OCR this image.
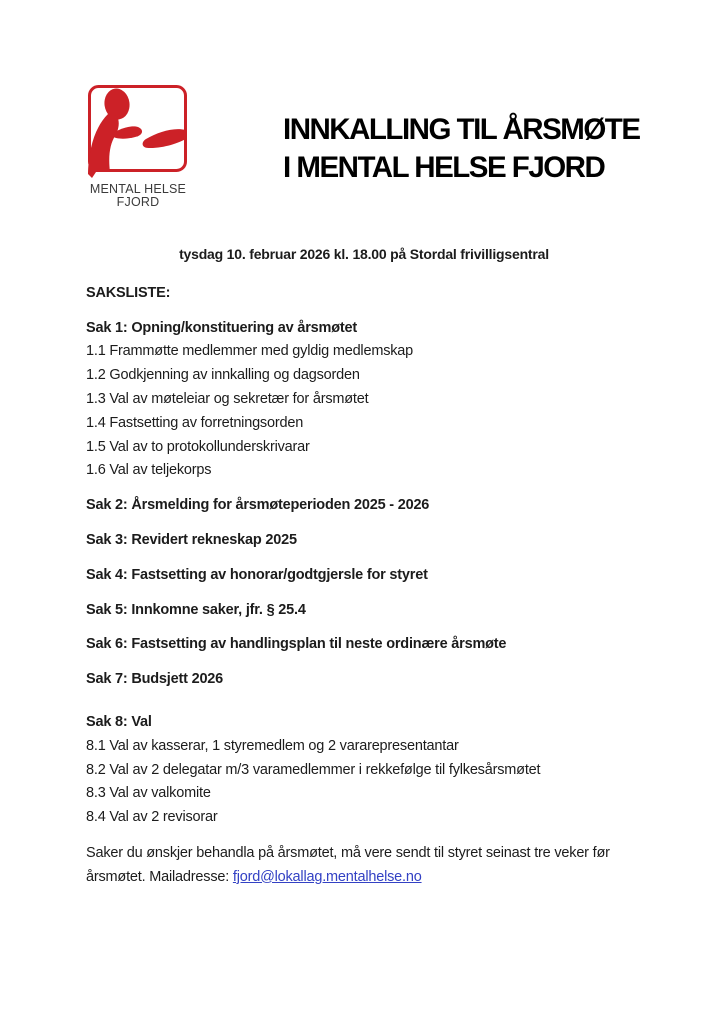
MENTAL HELSE
FJORD
INNKALLING TIL ÅRSMØTE
I MENTAL HELSE FJORD

tysdag 10. februar 2026 kl. 18.00 på Stordal frivilligsentral

SAKSLISTE:

Sak 1: Opning/konstituering av årsmøtet

1.1 Frammøtte medlemmer med gyldig medlemskap

1.2 Godkjenning av innkalling og dagsorden

1.3 Val av møteleiar og sekretær for årsmøtet

1.4 Fastsetting av forretningsorden

1.5 Val av to protokollunderskrivarar

1.6 Val av teljekorps

Sak 2: Årsmelding for årsmøteperioden 2025 - 2026

Sak 3: Revidert rekneskap 2025

Sak 4: Fastsetting av honorar/godtgjersle for styret

Sak 5: Innkomne saker, jfr. § 25.4

Sak 6: Fastsetting av handlingsplan til neste ordinære årsmøte

Sak 7: Budsjett 2026

Sak 8: Val

8.1 Val av kasserar, 1 styremedlem og 2 vararepresentantar

8.2 Val av 2 delegatar m/3 varamedlemmer i rekkefølge til fylkesårsmøtet

8.3 Val av valkomite

8.4 Val av 2 revisorar

Saker du ønskjer behandla på årsmøtet, må vere sendt til styret seinast tre veker før årsmøtet. Mailadresse: fjord@lokallag.mentalhelse.no
